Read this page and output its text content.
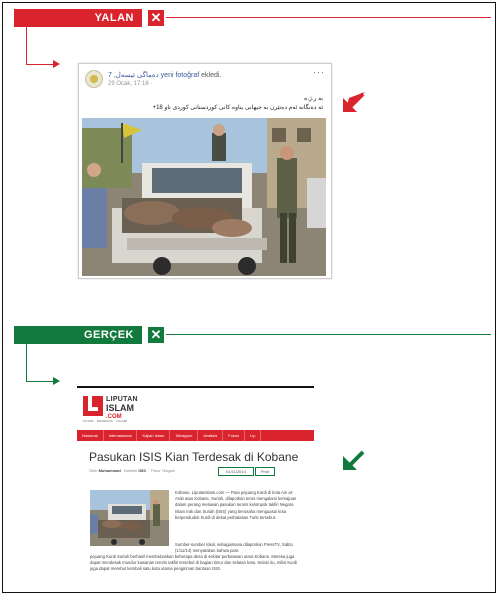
YALAN	✕
ده‌ماگی ئیسه‌ل, 7 yeni fotoğraf ekledi.
29 Ocak, 17:16 ·
···
به‌ ر.ژ.ه
ئه‌ ده‌نگانه‌ ئه‌م ده‌نێرن به‌ جیهانی یناوه‌ کانی کوردستانی کوردی ناو 18+
GERÇEK	✕
LIPUTAN
ISLAM
.COM
TAJAM · MENDIDIK · ISLAMI
Nasional	Internasional	Kajian Islam	Tabayyun	Analisis	Fokus	Lip
Pasukan ISIS Kian Terdesak di Kobane
Oleh Muhammad Bulletin ISIS  · Timur Tengah	01/11/2014	Print
Kobane, Liputanislam.com — Para pejuang Kurdi di kota Ain al-Arab atau Kobane, Suriah, dilaporkan terus mengalami kemajuan dalam perang melawan pasukan teroris kelompok takfiri Negara Islam Irak dan Suriah (ISIS) yang berusaha menguasai kota berpenduduk Kurdi di dekat perbatasan Turki tersebut.
Sumber-sumber lokal, sebagaimana dilaporkan PressTV, Sabtu (1/11/14) menyatakan bahwa para
pejuang Kurdi Suriah berhasil membebaskan beberapa desa di sekitar perbatasan utara Kobane. Mereka juga dapat mendesak mundur kawanan teroris takfiri tersebut di bagian timur dan selatan kota. Selain itu, milisi Kurdi juga dapat merebut kembali satu kota utama pengiriman bantuan ISIS.
